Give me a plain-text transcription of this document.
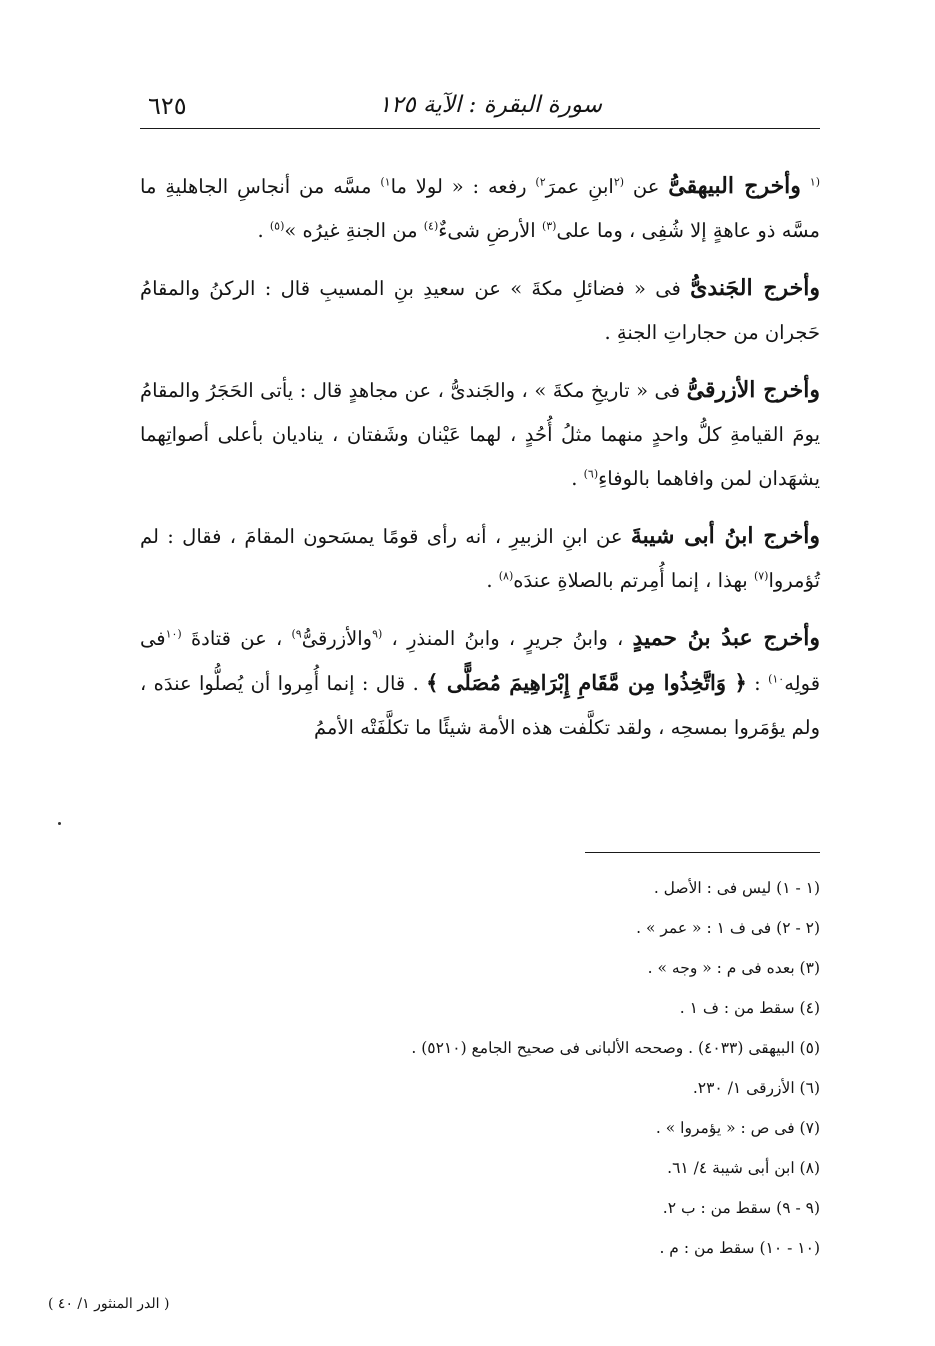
سورة البقرة : الآية ١٢٥
٦٢٥

$^{(١}$ وأخرج البيهقىُّ عن $^{(٢}$ابنِ عمرَ$^{٢)}$ رفعه : « لولا ما$^{١)}$ مسَّه من أنجاسِ الجاهليةِ ما مسَّه ذو عاهةٍ إلا شُفِى ، وما على$^{(٣)}$ الأرضِ شىءٌ$^{(٤)}$ من الجنةِ غيرُه »$^{(٥)}$ .

وأخرج الجَندىُّ فى « فضائلِ مكةَ » عن سعيدِ بنِ المسيبِ قال : الركنُ والمقامُ حَجران من حجاراتِ الجنةِ .

وأخرج الأزرقىُّ فى « تاريخِ مكةَ » ، والجَندىُّ ، عن مجاهدٍ قال : يأتى الحَجَرُ والمقامُ يومَ القيامةِ كلُّ واحدٍ منهما مثلُ أُحُدٍ ، لهما عَيْنان وشَفتان ، يناديان بأعلى أصواتِهما يشهَدان لمن وافاهما بالوفاءِ$^{(٦)}$ .

وأخرج ابنُ أبى شيبةَ عن ابنِ الزبيرِ ، أنه رأى قومًا يمسَحون المقامَ ، فقال : لم تُؤمروا$^{(٧)}$ بهذا ، إنما أُمِرتم بالصلاةِ عندَه$^{(٨)}$ .

وأخرج عبدُ بنُ حميدٍ ، وابنُ جريرٍ ، وابنُ المنذرِ ، $^{(٩}$والأزرقىُّ$^{٩)}$ ، عن قتادةَ $^{(١٠}$فى قولِه$^{١٠)}$ : ﴿ وَاتَّخِذُوا مِن مَّقَامِ إِبْرَاهِيمَ مُصَلًّى ﴾ . قال : إنما أُمِروا أن يُصلُّوا عندَه ، ولم يؤمَروا بمسحِه ، ولقد تكلَّفت هذه الأمة شيئًا ما تكلَّفَتْه الأممُ

(١ - ١) ليس فى : الأصل .
(٢ - ٢) فى ف ١ : « عمر » .
(٣) بعده فى م : « وجه » .
(٤) سقط من : ف ١ .
(٥) البيهقى (٤٠٣٣) . وصححه الألبانى فى صحيح الجامع (٥٢١٠) .
(٦) الأزرقى ١/ ٢٣٠.
(٧) فى ص : « يؤمروا » .
(٨) ابن أبى شيبة ٤/ ٦١.
(٩ - ٩) سقط من : ب ٢.
(١٠ - ١٠) سقط من : م .
( الدر المنثور ١/ ٤٠ )
